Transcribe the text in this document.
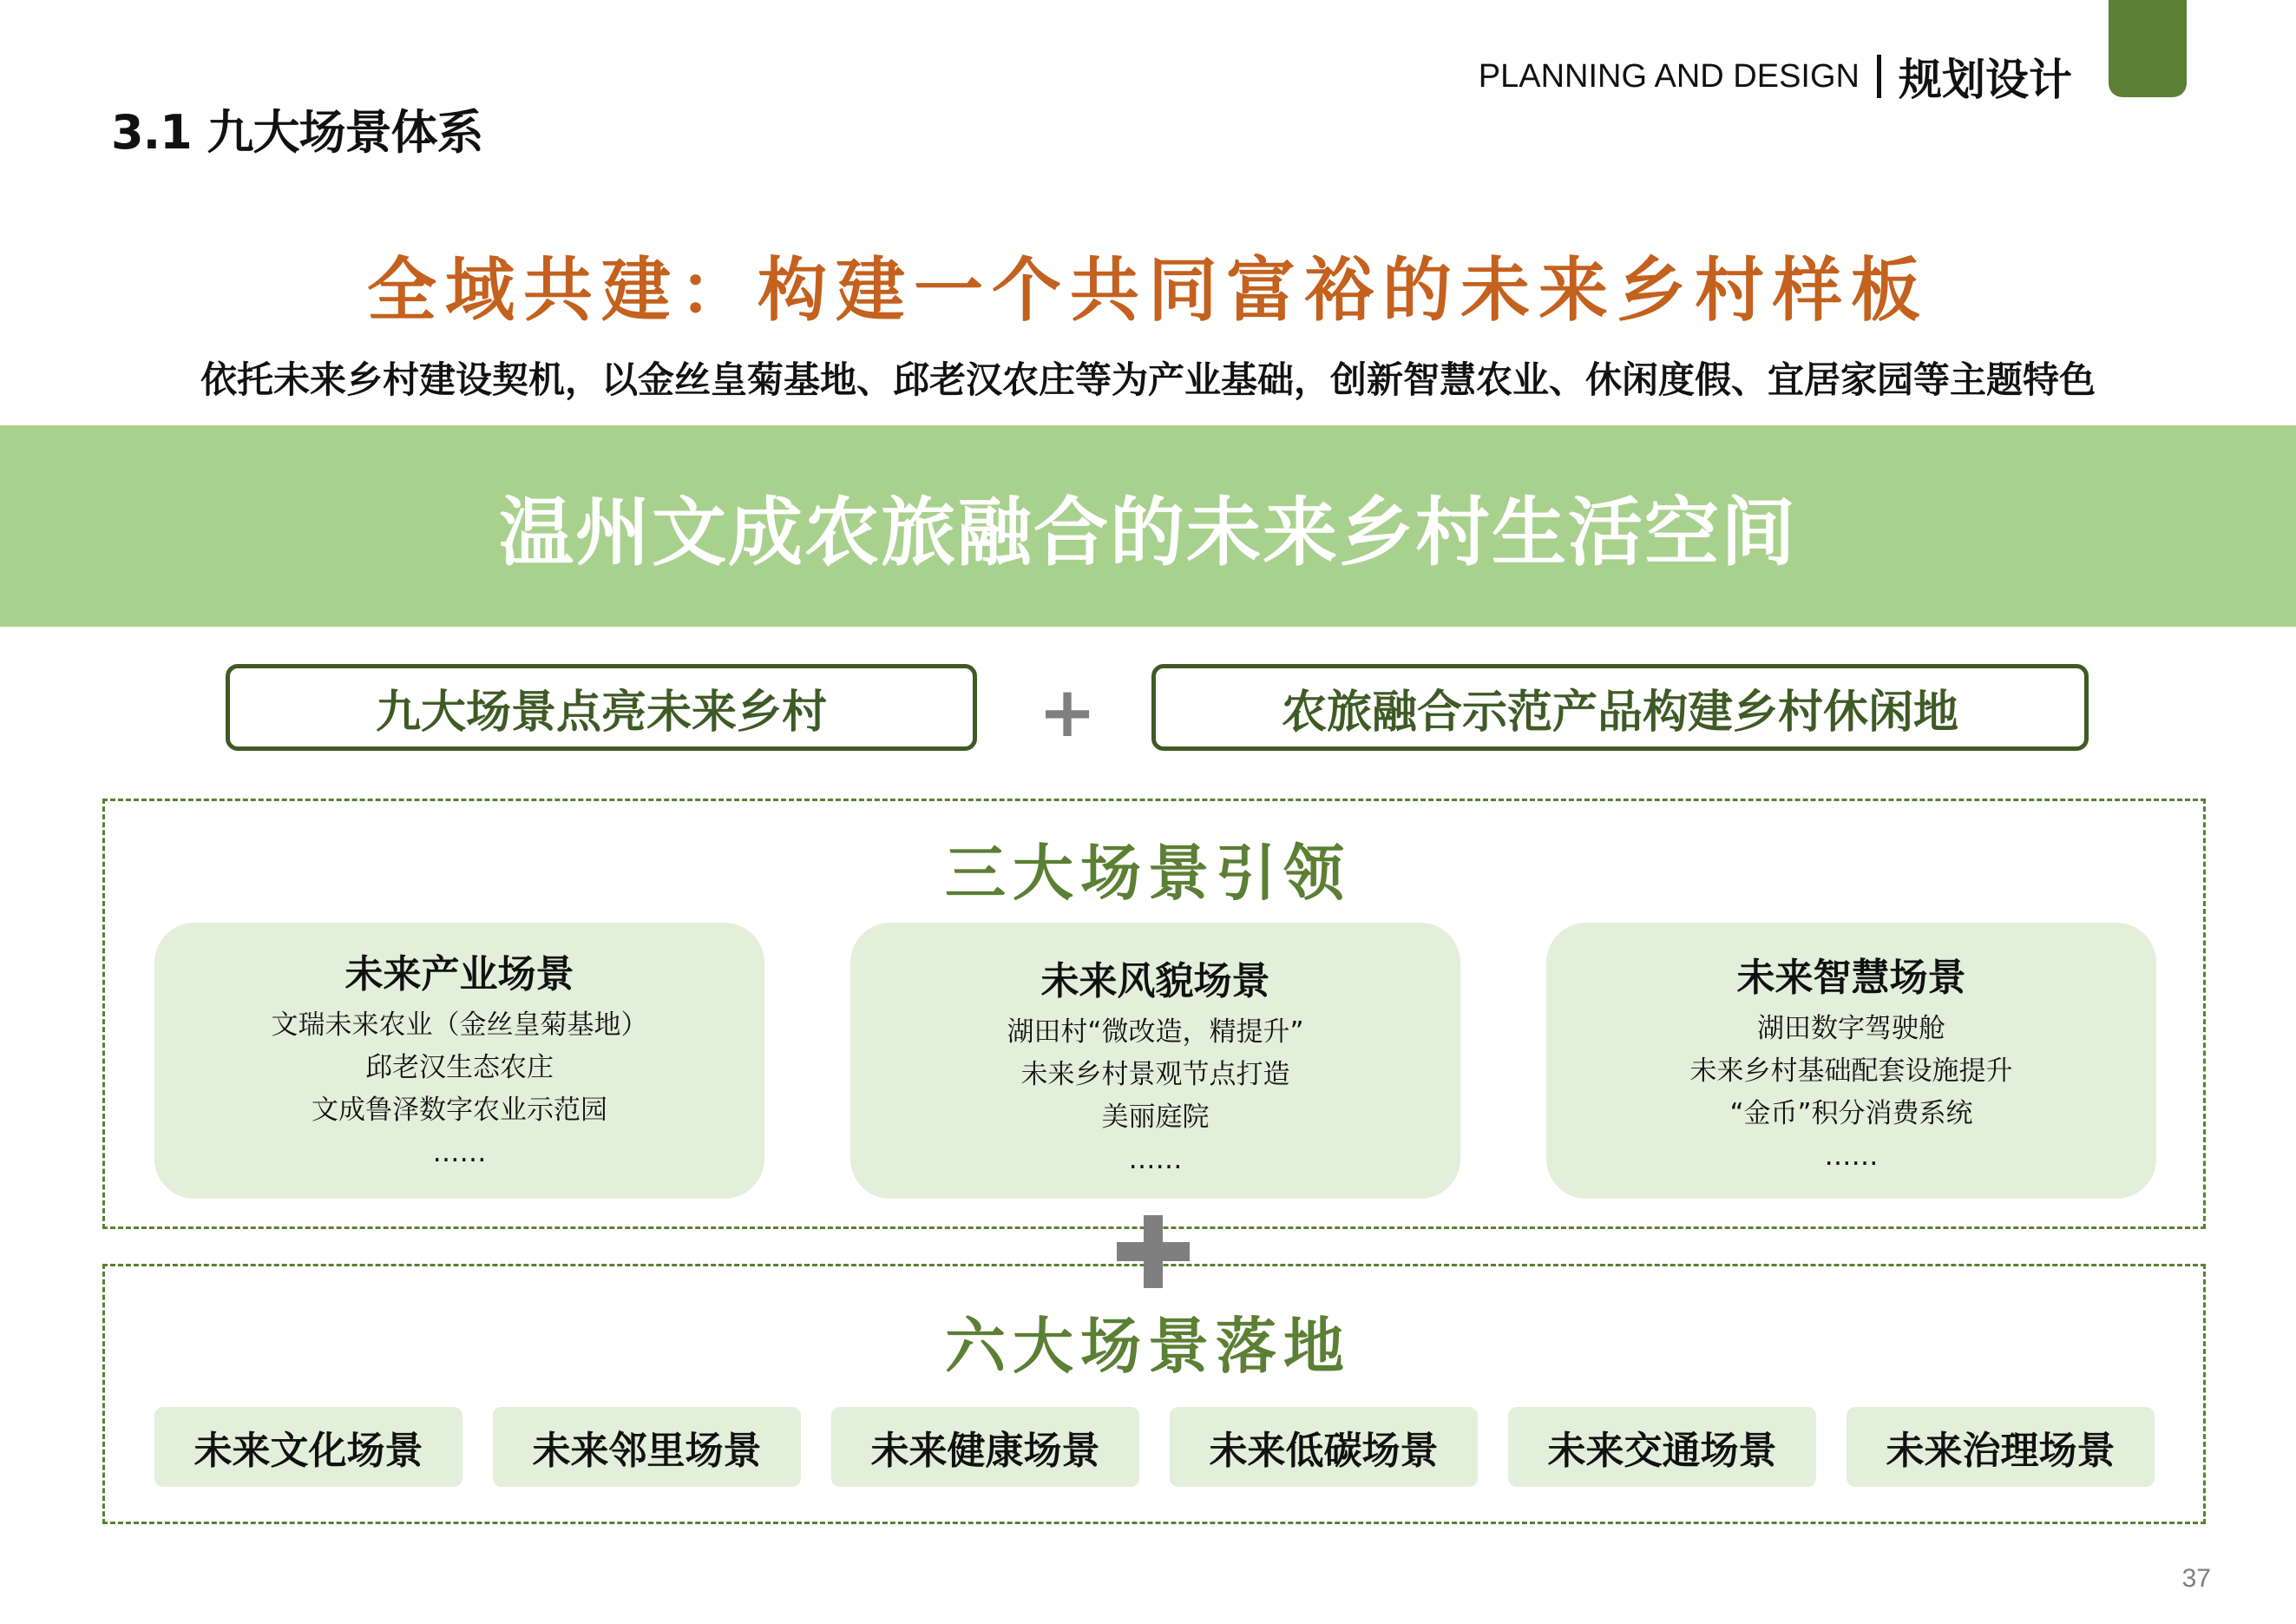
PLANNING AND DESIGN 规划设计
3.1 九大场景体系
全域共建：构建一个共同富裕的未来乡村样板
依托未来乡村建设契机，以金丝皇菊基地、邱老汉农庄等为产业基础，创新智慧农业、休闲度假、宜居家园等主题特色
温州文成农旅融合的未来乡村生活空间
九大场景点亮未来乡村	+	农旅融合示范产品构建乡村休闲地
三大场景引领
未来产业场景
文瑞未来农业（金丝皇菊基地）
邱老汉生态农庄
文成鲁泽数字农业示范园
……
未来风貌场景
湖田村“微改造，精提升”
未来乡村景观节点打造
美丽庭院
……
未来智慧场景
湖田数字驾驶舱
未来乡村基础配套设施提升
“金币”积分消费系统
……
六大场景落地
未来文化场景	未来邻里场景	未来健康场景	未来低碳场景	未来交通场景	未来治理场景
37
